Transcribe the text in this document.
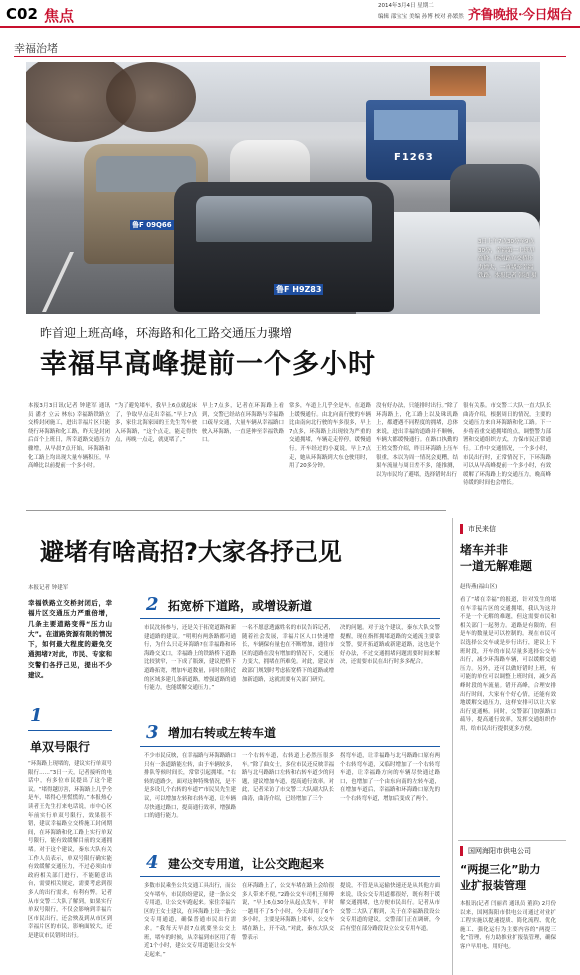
C02 焦点
2014年3月4日 星期二
编辑 邵宝宝 美编 孙博 校对 孙繁然 齐鲁晚报·今日烟台
幸福治堵
F1263
鲁F H9Z83
鲁F 09Q66
3日上午7点30分至9点30分，幸福第一上班早高峰，环海路立交桥压力增大，一直堵至幸福铁路。本报记者 韩逍 摄
昨首迎上班高峰，环海路和化工路交通压力骤增
幸福早高峰提前一个多小时
本报3月3日讯(记者 钟建军 通讯员 潘才 立云 林东) 幸福路铁路立交桥封闭施工，进出幸福片区只能绕行环海路和化工路，昨天是封闭后首个上班日，所幸道路交通压力骤增，从早晨7点开始，环海路和化工路上均出现大量车辆积压，早高峰比以前提前一个多小时。
“为了避免堵车，我早上6点就起床了，争取早点走出幸福。”早上7点多，家住北海家园的王先生驾车驶入环海路，“这个点走，能走得快点，再晚一点走，就更堵了。”
早上7点多，记者在环海路上看到，交警已经站在环海路与幸福路口疏导交通，大量车辆从幸福路口驶入环海路，一直延伸至幸福铁路口。
常多，车道上几乎全是车，在道路上缓慢通行。由北向南行驶的车辆比由南向北行驶的车多很多，早上7点多，环海路上出现较为严重的交通拥堵，车辆走走停停，缓慢通行。开车经过的小夏说，早上7点走，她从环海路到大东仓驶用时，用了20多分钟。
没有好办法，只能排时出行。”除了环海路上，化工路上以及珠玑路上，都遭遇不同程度的拥堵，总体来说，进出幸福的道路并不顺畅，车辆大都缓慢通行。在路口执勤的王姓交警介绍，昨日环海路上压车很重，本以为周一情况会更糟，结果车流量与周日差不多，能推测，以为市民均了避堵，选择错时出行
很有关系。市交警二大队一直大队长曲涛介绍，根据周日的情况，主要的交通压力来自环海路和化工路。下一步将着重交通拥堵的点，调整警力部署和交通组织方式，力保市民正常通行。工作中交通情况，一个多小时，市民出行时，正常情况下，下环海路可以从早高峰提前一个多小时，有效缓解了环海路上的交通压力，晚高峰待缓的时间也会增长。
避堵有啥高招?大家各抒己见
本报记者 钟建军
幸福铁路立交桥封闭后，幸福片区交通压力严重倍增，几条主要道路变得“压力山大”。在道路资源有限的情况下，如何最大程度的避免交通拥堵?对此，市民、专家和交警们各抒己见，提出不少建议。
1
单双号限行
“环海路上现堵的，建议实行单双号限行……”3日一天，记者接听的电话中，有多位市民提出了这个建议。“堵得越厉害，环海路上几乎全是车，堵得心里慌慌的。”本报热心读者王先生打来电话说，市中心区年前实行单双号限行，效果很不错，建议幸福路立交桥施工封闭期间，在环海路和化工路上实行单双号限行，能有效缓解目前的交通拥堵。对于这个建议，秦东大队有关工作人员表示，单双号限行确实能有效缓解交通压力，不过必须由市政府相关部门进行，不能随意出台，需要相关规定，需要考虑到很多人的出行需求，有利有弊。记者从市交警二大队了解到，如果实行单双号限行，不仅会影响到幸福片区市民出行，还会殃及到从市区到幸福片区的市民，影响面较大，还是建议市民错时出行。
2 拓宽桥下道路，或增设新道
市民沈扬参与，还是关于拓宽道路和新建道路的建议。“明明有两条路都可通行，为什么只走环海路?在幸福路和环海路交叉口，幸福路上的铁路桥下道路比较狭窄，一下成了瓶颈，建议把桥下道路拓宽，增加车道数量，同时在附近的区域多建几条新道路，增强道路的通行能力，也能缓解交通压力。”
一名不愿意透露姓名的市民告诉记者，随着社会发展，幸福片区人口快速增长，车辆保有量也在不断增加，通往市区的道路在没有增加的情况下，交通压力变大，拥堵在所难免。对此，建议市政部门规划时考虑拓宽桥下的道路或增加新道路，这就需要有关部门研究。
决的问题。对于这个建议，秦东大队交警提醒，现在指挥拥堵道路的交通流主要靠交警，要开拓道路或新建道路，这也是个好办法，不过交通拥堵问题需要时间来解决，还需要市民在出行时多多配合。
3 增加右转或左转车道
不少市民反映，在幸福路与环海路路口只有一条道路能左转，由于车辆较多，排队等候时间长，常常引起拥堵。“右转的道路少，面对这种特殊情况，是不是多设几个右转的车道?”市民吴先生建议，可以增加左转和右转车道，让车辆尽快通过路口，提高通行效率，增强路口的通行能力。
一个右转车道，右转道上必然压很多车。”除了曲女士，多位市民还反映幸福路与北马路路口左转和右转车道少的问题，建议增加车道，提高通行效率。对此，记者采访了市交警二大队副大队长曲涛，曲涛介绍，已经增加了三个
拐弯车道，让幸福路与北马路路口原有两个右转弯车道，又临时增加了一个右转弯车道，让幸福路方向的车辆尽快通过路口，也增加了一个由东向南的左转车道，在增加车道后，幸福路和环海路口原先的一个右转弯车道，增加后变成了两个。
4 建公交专用道，让公交跑起来
多数市民乘坐公共交通工具出行，而公交车堵车，市民纷纷建议，建一条公交专用道，让公交车跑起来。家住幸福片区的王女士建议，在环海路上设一条公交专用通道，确保普通市民出行需求。“我每天早晨7点就要坐公交上班，堵车的时候，从幸福到市区用了将近1个小时，建公交专用道能让公交车走起来。”
在环海路上了，公交车堵在路上会给很多人带来不便。”2路公交车司机王师傅说，“早上6点30分从起点发车，平时一趟用不了5个小时，今天却用了6个多小时，主要是环海路上堵车，公交车堵在路上，开不动。”对此，秦东大队交警表示
提说，不管是从运输快速还是从其他方面来说，设公交专用道都很好，既有利于缓解交通拥堵，也方便市民出行。记者从市交警二大队了解到，关于在幸福路段设公交专用道的建议，交警部门正在调研，今后有望在部分路段设立公交专用车道。
市民来信
堵车并非
一道无解难题
赵传燕(福山区)
看了“堵在幸福”的报道，针对发生的堵在车幸福片区的交通拥堵，我认为这并不是一个无解的难题，但这需要市民和相关部门一起努力。道路是有限的，但是车的数量是可以控制的。现在市民可以选择公交车或是步行出行，建议上下班时段，开车的市民尽量多选择公交车出行，减少环海路车辆，可以缓解交通压力。另外，还可以做好错时上班，有可能的单位可以调整上班时间，减少高峰时段的车流量。错开高峰，合理安排出行时间，大家有个好心情，还能有效地缓解交通压力，这样安排可以让大家出行更通畅。同时，交警部门加强路口疏导，提高通行效率，发挥交通组织作用，给市民出行提供更多方便。
国网海阳市供电公司
“两提三化”助力
业扩报装管理
本报讯(记者 闫丽君 通讯员 董滨) 2月份以来，国网海阳市供电公司通过对业扩工程实施以提速提质、简化流程、优化施工、强化运行为主要内容的“两提三化”管理，有力助推业扩报装管理，确保客户早用电、用好电。
